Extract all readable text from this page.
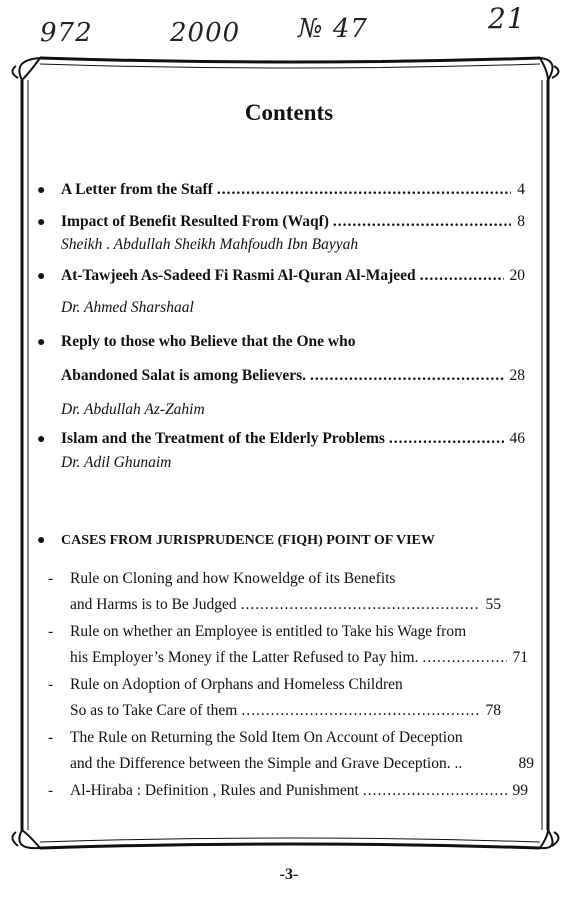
972	2000 № 47	21
Contents
●	A Letter from the Staff .....	4
●	Impact of Benefit Resulted From (Waqf) .....	8
Sheikh . Abdullah Sheikh Mahfoudh Ibn Bayyah
●	At-Tawjeeh As-Sadeed Fi Rasmi Al-Quran Al-Majeed .....	20
Dr. Ahmed Sharshaal
●	Reply to those who Believe that the One who
Abandoned Salat is among Believers. .....	28
Dr. Abdullah Az-Zahim
●	Islam and the Treatment of the Elderly Problems .....	46
Dr. Adil Ghunaim
●	CASES FROM JURISPRUDENCE (FIQH) POINT OF VIEW
-	Rule on Cloning and how Knoweldge of its Benefits
and Harms is to Be Judged .....	55
-	Rule on whether an Employee is entitled to Take his Wage from
his Employer’s Money if the Latter Refused to Pay him. .....	71
-	Rule on Adoption of Orphans and Homeless Children
So as to Take Care of them .....	78
-	The Rule on Returning the Sold Item On Account of Deception
and the Difference between the Simple and Grave Deception. ..	89
-	Al-Hiraba : Definition , Rules and Punishment .....	99
-3-
